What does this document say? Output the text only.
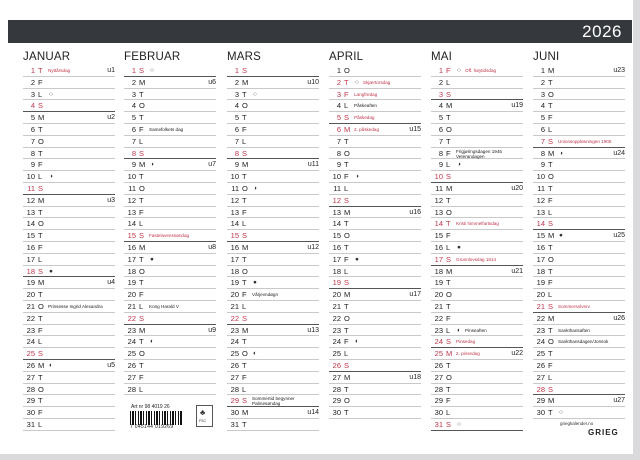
2026
JANUAR
1 T Nyttårsdag	u1
2 F
3 L ○
4 S
5 M	u2
6 T
7 O
8 T
9 F
10 L ◑
11 S
12 M	u3
13 T
14 O
15 T
16 F
17 L
18 S ●
19 M	u4
20 T
21 O Prinsesse Ingrid Alexandra
22 T
23 F
24 L
25 S
26 M ◐	u5
27 T
28 O
29 T
30 F
31 L
FEBRUAR
1 S ○
2 M	u6
3 T
4 O
5 T
6 F Samefolkets dag
7 L
8 S
9 M ◑	u7
10 T
11 O
12 T
13 F
14 L
15 S Fastelavenssøndag
16 M	u8
17 T ●
18 O
19 T
20 F
21 L Kong Harald V
22 S
23 M	u9
24 T ◐
25 O
26 T
27 F
28 L
MARS
1 S
2 M	u10
3 T ○
4 O
5 T
6 F
7 L
8 S
9 M	u11
10 T
11 O ◑
12 T
13 F
14 L
15 S
16 M	u12
17 T
18 O
19 T ●
20 F Vårjevndøgn
21 L
22 S
23 M	u13
24 T
25 O ◐
26 T
27 F
28 L
29 S Sommertid begynner
Palmesøndag
30 M	u14
31 T
APRIL
1 O
2 T ○ Skjærtorsdag
3 F Langfredag
4 L Påskeaften
5 S Påskedag
6 M 2. påskedag	u15
7 T
8 O
9 T
10 F ◑
11 L
12 S
13 M	u16
14 T
15 O
16 T
17 F ●
18 L
19 S
20 M	u17
21 T
22 O
23 T
24 F ◐
25 L
26 S
27 M	u18
28 T
29 O
30 T
MAI
1 F ○ Off. høytidsdag
2 L
3 S
4 M	u19
5 T
6 O
7 T
8 F Frigjøringsdagen 1945
Veterandagen
9 L ◑
10 S
11 M	u20
12 T
13 O
14 T Kristi himmelfartsdag
15 F
16 L ●
17 S Grunnlovsdag 1814
18 M	u21
19 T
20 O
21 T
22 F
23 L ◐ Pinseaften
24 S Pinsedag
25 M 2. pinsedag	u22
26 T
27 O
28 T
29 F
30 L
31 S ○
JUNI
1 M	u23
2 T
3 O
4 T
5 F
6 L
7 S Unionsoppløsningen 1905
8 M ◑	u24
9 T
10 O
11 T
12 F
13 L
14 S
15 M ●	u25
16 T
17 O
18 T
19 F
20 L
21 S Sommersolverv
22 M	u26
23 T Sankthansaften
24 O Sankthansdagen/Jonsok
25 T
26 F
27 L
28 S
29 M	u27
30 T ○
Art nr 98 4019 26
7 045144 019269
♣
FSC	griegkalender.no
GRIEG
